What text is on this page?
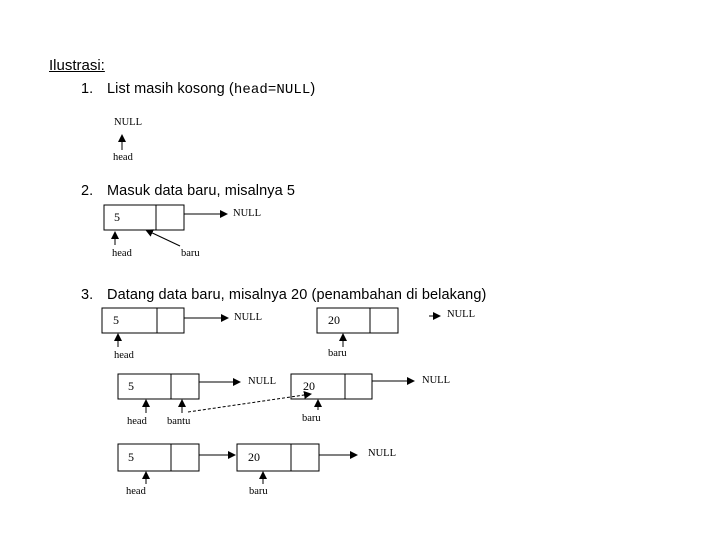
Ilustrasi:
1. List masih kosong (head=NULL)
2. Masuk data baru, misalnya 5
3. Datang data baru, misalnya 20 (penambahan di belakang)
NULL
head
5	NULL
head	baru
5	NULL	20	NULL
head	baru
5	NULL 20	NULL
head bantu	baru
5	20	NULL
head	baru
